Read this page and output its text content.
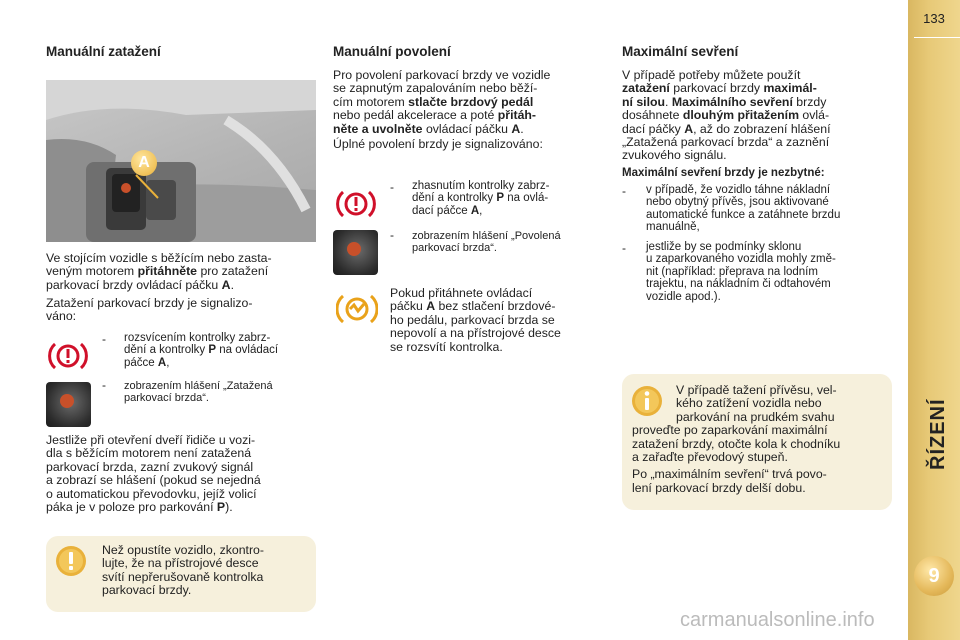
133
ŘÍZENÍ
9
Manuální zatažení
A

Ve stojícím vozidle s běžícím nebo zasta-
veným motorem přitáhněte pro zatažení
parkovací brzdy ovládací páčku A.

Zatažení parkovací brzdy je signalizo-
váno:

- rozsvícením kontrolky zabrz-
dění a kontrolky P na ovládací
páčce A,
- zobrazením hlášení „Zatažená
parkovací brzda“.

Jestliže při otevření dveří řidiče u vozi-
dla s běžícím motorem není zatažená
parkovací brzda, zazní zvukový signál
a zobrazí se hlášení (pokud se nejedná
o automatickou převodovku, jejíž volicí
páka je v poloze pro parkování P).

Než opustíte vozidlo, zkontro-
lujte, že na přístrojové desce
svítí nepřerušovaně kontrolka
parkovací brzdy.

Manuální povolení

Pro povolení parkovací brzdy ve vozidle
se zapnutým zapalováním nebo běží-
cím motorem stlačte brzdový pedál
nebo pedál akcelerace a poté přitáh-
něte a uvolněte ovládací páčku A.

Úplné povolení brzdy je signalizováno:

- zhasnutím kontrolky zabrz-
dění a kontrolky P na ovlá-
dací páčce A,
- zobrazením hlášení „Povolená
parkovací brzda“.

Pokud přitáhnete ovládací
páčku A bez stlačení brzdové-
ho pedálu, parkovací brzda se
nepovolí a na přístrojové desce
se rozsvítí kontrolka.

Maximální sevření

V případě potřeby můžete použít
zatažení parkovací brzdy maximál-
ní silou. Maximálního sevření brzdy
dosáhnete dlouhým přitažením ovlá-
dací páčky A, až do zobrazení hlášení
„Zatažená parkovací brzda“ a zaznění
zvukového signálu.

Maximální sevření brzdy je nezbytné:
- v případě, že vozidlo táhne nákladní
nebo obytný přívěs, jsou aktivované
automatické funkce a zatáhnete brzdu
manuálně,
- jestliže by se podmínky sklonu
u zaparkovaného vozidla mohly změ-
nit (například: přeprava na lodním
trajektu, na nákladním či odtahovém
vozidle apod.).

V případě tažení přívěsu, vel-

kého zatížení vozidla nebo
parkování na prudkém svahu

proveďte po zaparkování maximální
zatažení brzdy, otočte kola k chodníku
a zařaďte převodový stupeň.

Po „maximálním sevření“ trvá povo-
lení parkovací brzdy delší dobu.

carmanualsonline.info
